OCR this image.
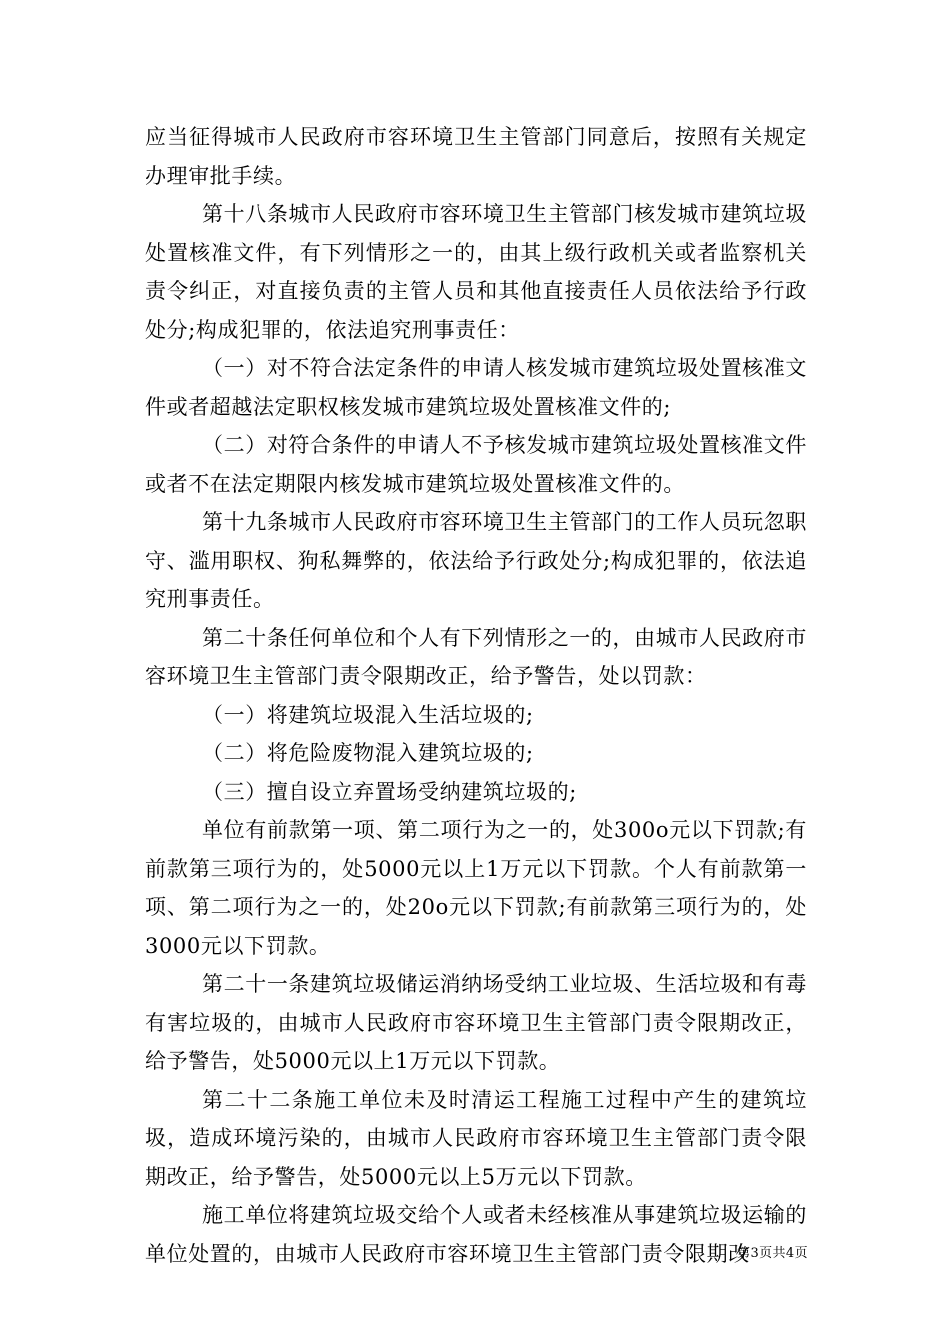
应当征得城市人民政府市容环境卫生主管部门同意后，按照有关规定办理审批手续。

第十八条城市人民政府市容环境卫生主管部门核发城市建筑垃圾处置核准文件，有下列情形之一的，由其上级行政机关或者监察机关责令纠正，对直接负责的主管人员和其他直接责任人员依法给予行政处分;构成犯罪的，依法追究刑事责任：

（一）对不符合法定条件的申请人核发城市建筑垃圾处置核准文件或者超越法定职权核发城市建筑垃圾处置核准文件的;

（二）对符合条件的申请人不予核发城市建筑垃圾处置核准文件或者不在法定期限内核发城市建筑垃圾处置核准文件的。

第十九条城市人民政府市容环境卫生主管部门的工作人员玩忽职守、滥用职权、狗私舞弊的，依法给予行政处分;构成犯罪的，依法追究刑事责任。

第二十条任何单位和个人有下列情形之一的，由城市人民政府市容环境卫生主管部门责令限期改正，给予警告，处以罚款：

（一）将建筑垃圾混入生活垃圾的;

（二）将危险废物混入建筑垃圾的;

（三）擅自设立弃置场受纳建筑垃圾的;

单位有前款第一项、第二项行为之一的，处300o元以下罚款;有前款第三项行为的，处5000元以上1万元以下罚款。个人有前款第一项、第二项行为之一的，处20o元以下罚款;有前款第三项行为的，处3000元以下罚款。

第二十一条建筑垃圾储运消纳场受纳工业垃圾、生活垃圾和有毒有害垃圾的，由城市人民政府市容环境卫生主管部门责令限期改正，给予警告，处5000元以上1万元以下罚款。

第二十二条施工单位未及时清运工程施工过程中产生的建筑垃圾，造成环境污染的，由城市人民政府市容环境卫生主管部门责令限期改正，给予警告，处5000元以上5万元以下罚款。

施工单位将建筑垃圾交给个人或者未经核准从事建筑垃圾运输的单位处置的，由城市人民政府市容环境卫生主管部门责令限期改

第3页共4页
